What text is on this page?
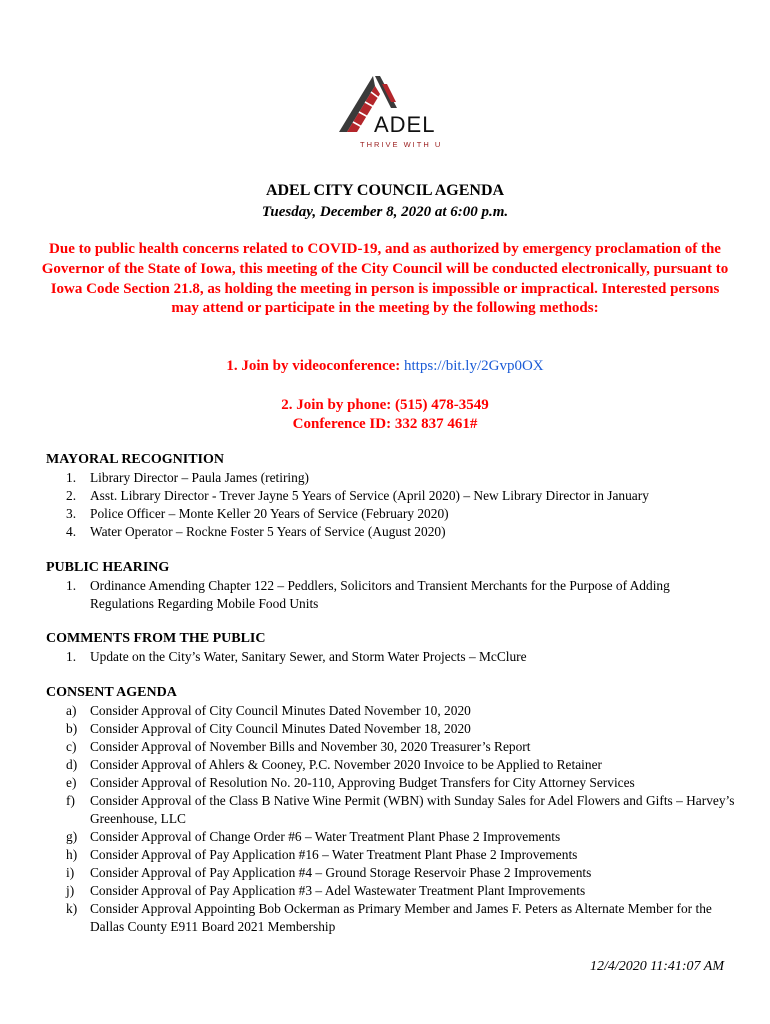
ADEL
THRIVE WITH US
ADEL CITY COUNCIL AGENDA
Tuesday, December 8, 2020 at 6:00 p.m.
Due to public health concerns related to COVID-19, and as authorized by emergency proclamation of the Governor of the State of Iowa, this meeting of the City Council will be conducted electronically, pursuant to Iowa Code Section 21.8, as holding the meeting in person is impossible or impractical. Interested persons may attend or participate in the meeting by the following methods:
1. Join by videoconference: https://bit.ly/2Gvp0OX
2. Join by phone: (515) 478-3549
Conference ID: 332 837 461#
MAYORAL RECOGNITION
1. Library Director – Paula James (retiring)
2. Asst. Library Director - Trever Jayne 5 Years of Service (April 2020) – New Library Director in January
3. Police Officer – Monte Keller 20 Years of Service (February 2020)
4. Water Operator – Rockne Foster 5 Years of Service (August 2020)
PUBLIC HEARING
1. Ordinance Amending Chapter 122 – Peddlers, Solicitors and Transient Merchants for the Purpose of Adding Regulations Regarding Mobile Food Units
COMMENTS FROM THE PUBLIC
1. Update on the City’s Water, Sanitary Sewer, and Storm Water Projects – McClure
CONSENT AGENDA
a) Consider Approval of City Council Minutes Dated November 10, 2020
b) Consider Approval of City Council Minutes Dated November 18, 2020
c) Consider Approval of November Bills and November 30, 2020 Treasurer’s Report
d) Consider Approval of Ahlers & Cooney, P.C. November 2020 Invoice to be Applied to Retainer
e) Consider Approval of Resolution No. 20-110, Approving Budget Transfers for City Attorney Services
f) Consider Approval of the Class B Native Wine Permit (WBN) with Sunday Sales for Adel Flowers and Gifts – Harvey’s Greenhouse, LLC
g) Consider Approval of Change Order #6 – Water Treatment Plant Phase 2 Improvements
h) Consider Approval of Pay Application #16 – Water Treatment Plant Phase 2 Improvements
i) Consider Approval of Pay Application #4 – Ground Storage Reservoir Phase 2 Improvements
j) Consider Approval of Pay Application #3 – Adel Wastewater Treatment Plant Improvements
k) Consider Approval Appointing Bob Ockerman as Primary Member and James F. Peters as Alternate Member for the Dallas County E911 Board 2021 Membership
12/4/2020 11:41:07 AM
